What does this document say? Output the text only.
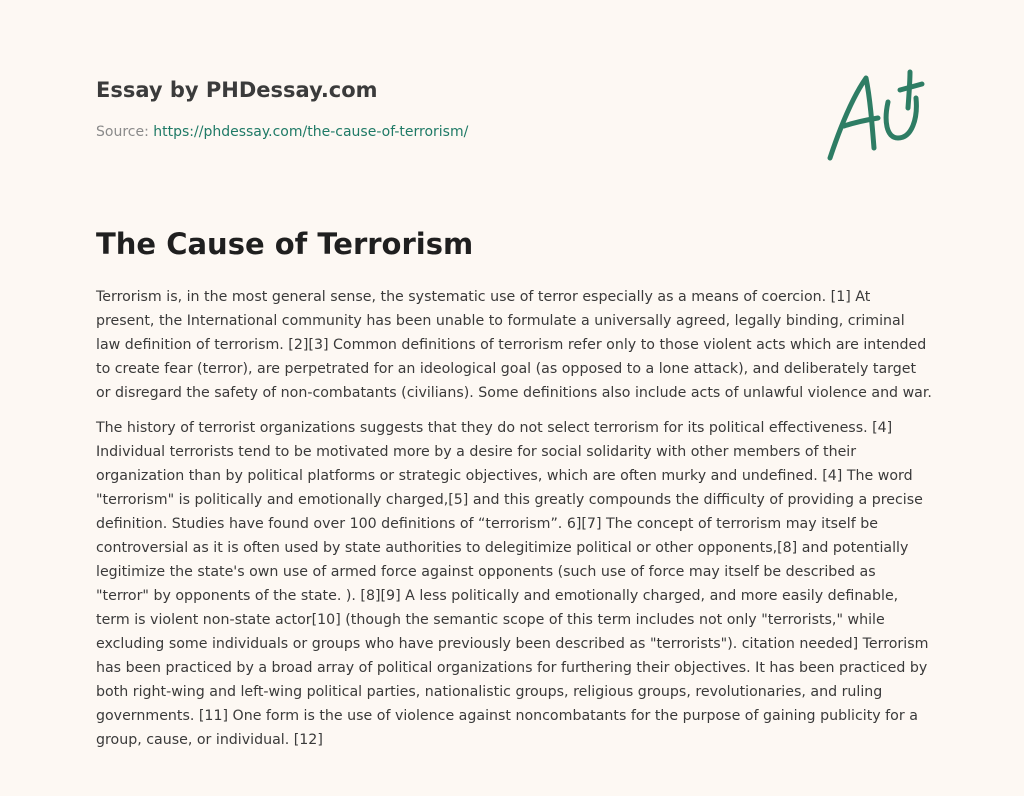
Essay by PHDessay.com
Source: https://phdessay.com/the-cause-of-terrorism/
The Cause of Terrorism

Terrorism is, in the most general sense, the systematic use of terror especially as a means of coercion. [1] At present, the International community has been unable to formulate a universally agreed, legally binding, criminal law definition of terrorism. [2][3] Common definitions of terrorism refer only to those violent acts which are intended to create fear (terror), are perpetrated for an ideological goal (as opposed to a lone attack), and deliberately target or disregard the safety of non-combatants (civilians). Some definitions also include acts of unlawful violence and war.

The history of terrorist organizations suggests that they do not select terrorism for its political effectiveness. [4] Individual terrorists tend to be motivated more by a desire for social solidarity with other members of their organization than by political platforms or strategic objectives, which are often murky and undefined. [4] The word "terrorism" is politically and emotionally charged,[5] and this greatly compounds the difficulty of providing a precise definition. Studies have found over 100 definitions of “terrorism”. 6][7] The concept of terrorism may itself be controversial as it is often used by state authorities to delegitimize political or other opponents,[8] and potentially legitimize the state's own use of armed force against opponents (such use of force may itself be described as "terror" by opponents of the state. ). [8][9] A less politically and emotionally charged, and more easily definable, term is violent non-state actor[10] (though the semantic scope of this term includes not only "terrorists," while excluding some individuals or groups who have previously been described as "terrorists"). citation needed] Terrorism has been practiced by a broad array of political organizations for furthering their objectives. It has been practiced by both right-wing and left-wing political parties, nationalistic groups, religious groups, revolutionaries, and ruling governments. [11] One form is the use of violence against noncombatants for the purpose of gaining publicity for a group, cause, or individual. [12]
